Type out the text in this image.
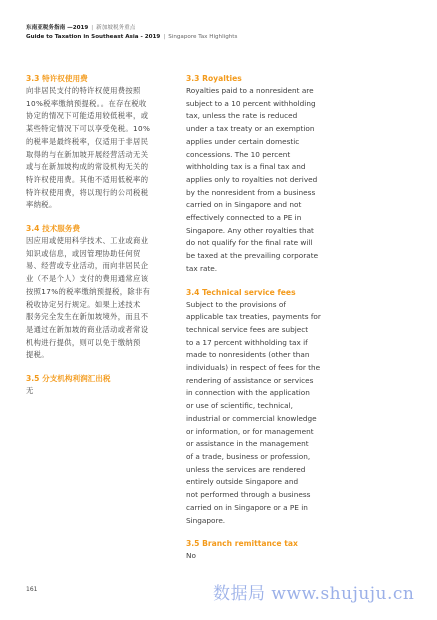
东南亚税务指南 —2019 | 新加坡税务重点
Guide to Taxation in Southeast Asia - 2019 | Singapore Tax Highlights

3.3 特许权使用费

向非居民支付的特许权使用费按照

10%税率缴纳预提税。。在存在税收

协定的情况下可能适用较低税率，或

某些特定情况下可以享受免税。10%

的税率是最终税率，仅适用于非居民

取得的与在新加坡开展经营活动无关

或与在新加坡构成的常设机构无关的

特许权使用费。其他不适用低税率的

特许权使用费，将以现行的公司税税

率纳税。

3.4 技术服务费

因应用或使用科学技术、工业或商业

知识或信息，或因管理协助任何贸

易、经营或专业活动，而向非居民企

业（不是个人）支付的费用通常应该

按照17%的税率缴纳预提税，除非有

税收协定另行规定。如果上述技术

服务完全发生在新加坡境外，而且不

是通过在新加坡的商业活动或者常设

机构进行提供，则可以免于缴纳预

提税。

3.5 分支机构利润汇出税

无

3.3 Royalties

Royalties paid to a nonresident are

subject to a 10 percent withholding

tax, unless the rate is reduced

under a tax treaty or an exemption

applies under certain domestic

concessions. The 10 percent

withholding tax is a final tax and

applies only to royalties not derived

by the nonresident from a business

carried on in Singapore and not

effectively connected to a PE in

Singapore. Any other royalties that

do not qualify for the final rate will

be taxed at the prevailing corporate

tax rate.

3.4 Technical service fees

Subject to the provisions of

applicable tax treaties, payments for

technical service fees are subject

to a 17 percent withholding tax if

made to nonresidents (other than

individuals) in respect of fees for the

rendering of assistance or services

in connection with the application

or use of scientific, technical,

industrial or commercial knowledge

or information, or for management

or assistance in the management

of a trade, business or profession,

unless the services are rendered

entirely outside Singapore and

not performed through a business

carried on in Singapore or a PE in

Singapore.

3.5 Branch remittance tax

No

161	数据局 www.shujuju.cn
